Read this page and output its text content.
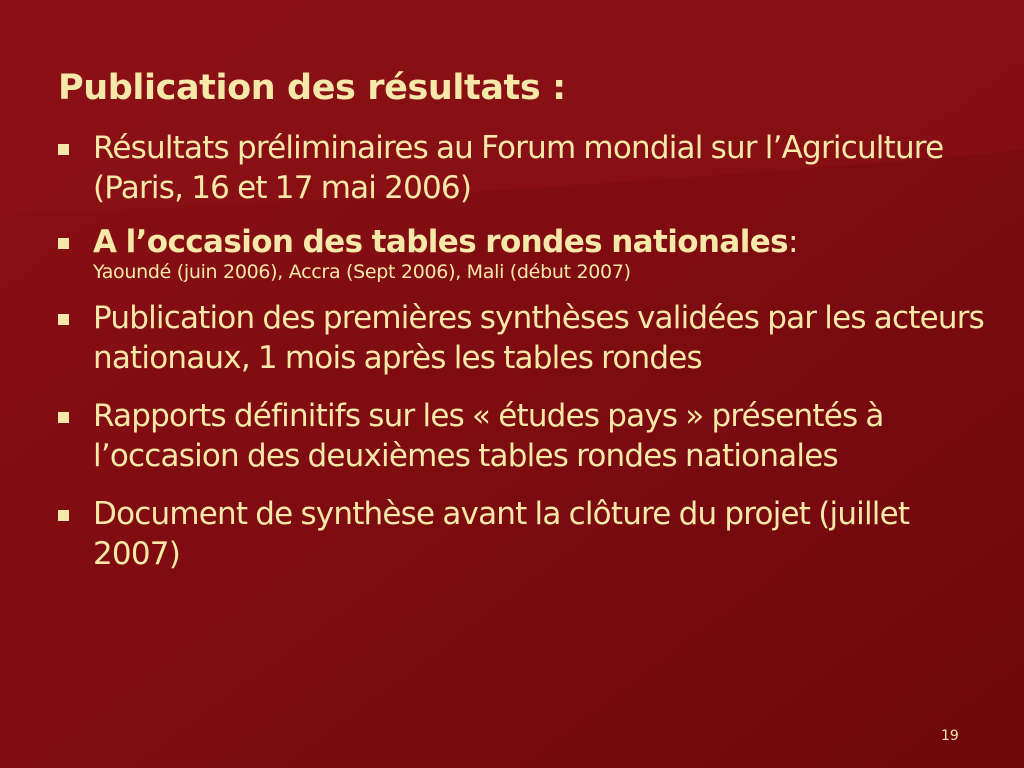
Publication des résultats :
Résultats préliminaires au Forum mondial sur l’Agriculture (Paris, 16 et 17 mai 2006)
A l’occasion des tables rondes nationales:
Yaoundé (juin 2006), Accra (Sept 2006), Mali (début 2007)
Publication des premières synthèses validées par les acteurs nationaux, 1 mois après les tables rondes
Rapports définitifs sur les « études pays » présentés à l’occasion des deuxièmes tables rondes nationales
Document de synthèse avant la clôture du projet (juillet 2007)
19
